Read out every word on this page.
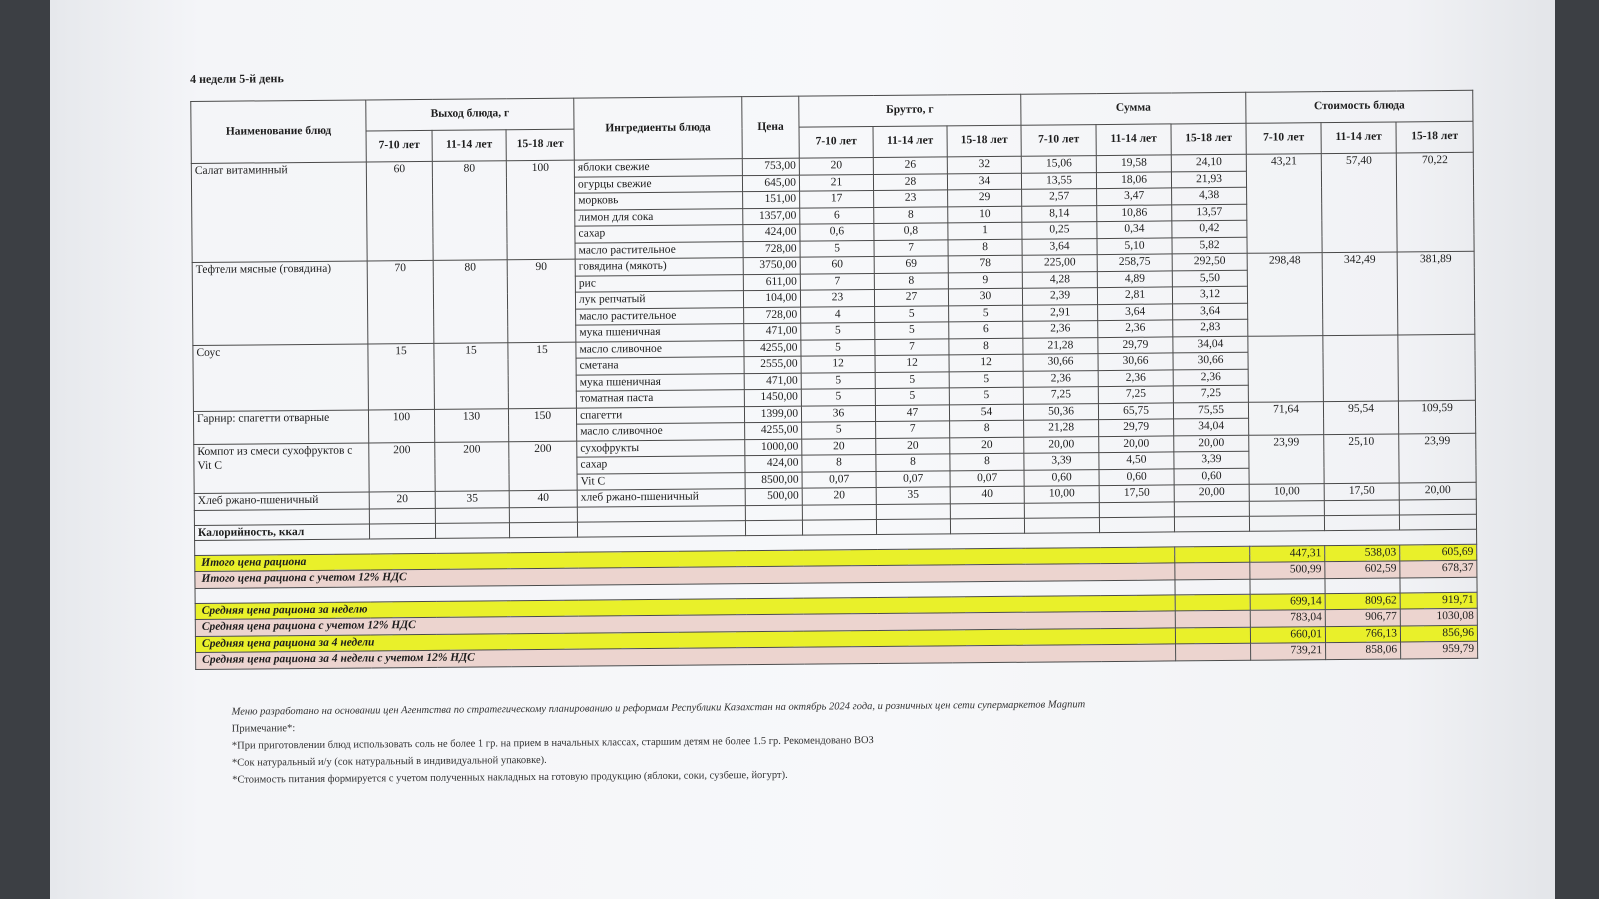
4 недели 5-й день
Наименование блюд	Выход блюда, г			Ингредиенты блюда	Цена	Брутто, г			Сумма			Стоимость блюда		
	7-10 лет	11-14 лет	15-18 лет			7-10 лет	11-14 лет	15-18 лет	7-10 лет	11-14 лет	15-18 лет	7-10 лет	11-14 лет	15-18 лет
Салат витаминный	60	80	100	яблоки свежие	753,00	20	26	32	15,06	19,58	24,10	43,21	57,40	70,22
				огурцы свежие	645,00	21	28	34	13,55	18,06	21,93			
				морковь	151,00	17	23	29	2,57	3,47	4,38			
				лимон для сока	1357,00	6	8	10	8,14	10,86	13,57			
				сахар	424,00	0,6	0,8	1	0,25	0,34	0,42			
				масло растительное	728,00	5	7	8	3,64	5,10	5,82			
Тефтели мясные (говядина)	70	80	90	говядина (мякоть)	3750,00	60	69	78	225,00	258,75	292,50	298,48	342,49	381,89
				рис	611,00	7	8	9	4,28	4,89	5,50			
				лук репчатый	104,00	23	27	30	2,39	2,81	3,12			
				масло растительное	728,00	4	5	5	2,91	3,64	3,64			
				мука пшеничная	471,00	5	5	6	2,36	2,36	2,83			
Соус	15	15	15	масло сливочное	4255,00	5	7	8	21,28	29,79	34,04			
				сметана	2555,00	12	12	12	30,66	30,66	30,66			
				мука пшеничная	471,00	5	5	5	2,36	2,36	2,36			
				томатная паста	1450,00	5	5	5	7,25	7,25	7,25			
Гарнир: спагетти отварные	100	130	150	спагетти	1399,00	36	47	54	50,36	65,75	75,55	71,64	95,54	109,59
				масло сливочное	4255,00	5	7	8	21,28	29,79	34,04			
Компот из смеси сухофруктов с Vit C	200	200	200	сухофрукты	1000,00	20	20	20	20,00	20,00	20,00	23,99	25,10	23,99
				сахар	424,00	8	8	8	3,39	4,50	3,39			
				Vit C	8500,00	0,07	0,07	0,07	0,60	0,60	0,60			
Хлеб ржано-пшеничный	20	35	40	хлеб ржано-пшеничный	500,00	20	35	40	10,00	17,50	20,00	10,00	17,50	20,00

Калорийность, ккал														

Итого цена рациона												447,31	538,03	605,69
Итого цена рациона с учетом 12% НДС												500,99	602,59	678,37

Средняя цена рациона за неделю												699,14	809,62	919,71
Средняя цена рациона с учетом 12% НДС												783,04	906,77	1030,08
Средняя цена рациона за 4 недели												660,01	766,13	856,96
Средняя цена рациона за 4 недели с учетом 12% НДС												739,21	858,06	959,79
Меню разработано на основании цен Агентства по стратегическому планированию и реформам Республики Казахстан на октябрь 2024 года, и розничных цен сети супермаркетов Magnum
Примечание*:
*При приготовлении блюд использовать соль не более 1 гр. на прием в начальных классах, старшим детям не более 1.5 гр. Рекомендовано ВОЗ
*Сок натуральный и/у (сок натуральный в индивидуальной упаковке).
*Стоимость питания формируется с учетом полученных накладных на готовую продукцию (яблоки, соки, сузбеше, йогурт).
